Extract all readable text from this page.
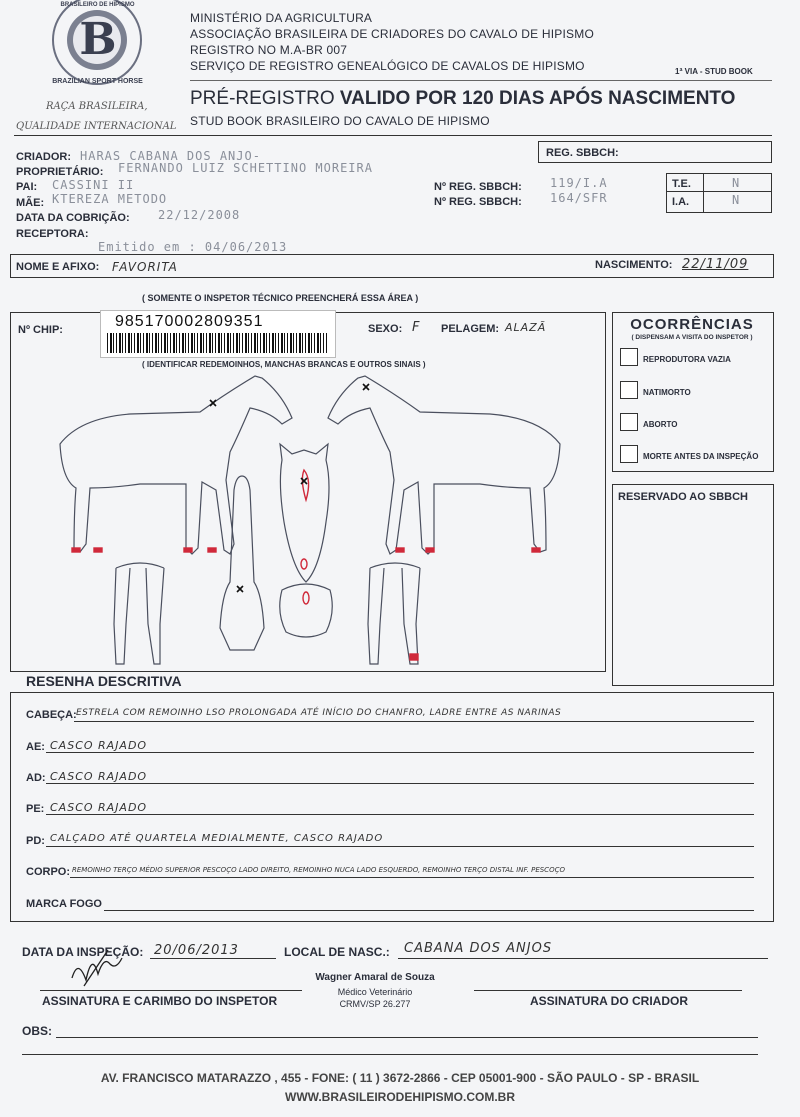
B
BRASILEIRO DE HIPISMO
BRAZILIAN SPORT HORSE
RAÇA BRASILEIRA,
QUALIDADE INTERNACIONAL
MINISTÉRIO DA AGRICULTURA
ASSOCIAÇÃO BRASILEIRA DE CRIADORES DO CAVALO DE HIPISMO
REGISTRO NO M.A-BR 007
SERVIÇO DE REGISTRO GENEALÓGICO DE CAVALOS DE HIPISMO	1ª VIA - STUD BOOK
PRÉ-REGISTRO VALIDO POR 120 DIAS APÓS NASCIMENTO
STUD BOOK BRASILEIRO DO CAVALO DE HIPISMO
REG. SBBCH:
CRIADOR: HARAS CABANA DOS ANJO-
PROPRIETÁRIO: FERNANDO LUIZ SCHETTINO MOREIRA
PAI: CASSINI II
MÃE: KTEREZA METODO
DATA DA COBRIÇÃO: 22/12/2008
RECEPTORA:
Emitido em : 04/06/2013
Nº REG. SBBCH: 119/I.A
Nº REG. SBBCH: 164/SFR
T.E.	N
I.A.	N
NOME E AFIXO: FAVORITA	NASCIMENTO: 22/11/09
( SOMENTE O INSPETOR TÉCNICO PREENCHERÁ ESSA ÁREA )
Nº CHIP:	985170002809351
( IDENTIFICAR REDEMOINHOS, MANCHAS BRANCAS E OUTROS SINAIS )
SEXO: F PELAGEM: ALAZÃ	OCORRÊNCIAS
( DISPENSAM A VISITA DO INSPETOR )
REPRODUTORA VAZIA
NATIMORTO
ABORTO
MORTE ANTES DA INSPEÇÃO
RESERVADO AO SBBCH
RESENHA DESCRITIVA
CABEÇA: ESTRELA COM REMOINHO LSO PROLONGADA ATÉ INÍCIO DO CHANFRO, LADRE ENTRE AS NARINAS
AE: CASCO RAJADO
AD: CASCO RAJADO
PE: CASCO RAJADO
PD: CALÇADO ATÉ QUARTELA MEDIALMENTE, CASCO RAJADO
CORPO: REMOINHO TERÇO MÉDIO SUPERIOR PESCOÇO LADO DIREITO, REMOINHO NUCA LADO ESQUERDO, REMOINHO TERÇO DISTAL INF. PESCOÇO
MARCA FOGO
DATA DA INSPEÇÃO: 20/06/2013	LOCAL DE NASC.: CABANA DOS ANJOS
ASSINATURA E CARIMBO DO INSPETOR
Wagner Amaral de Souza
Médico Veterinário
CRMV/SP 26.277	ASSINATURA DO CRIADOR
OBS:
AV. FRANCISCO MATARAZZO , 455 - FONE: ( 11 ) 3672-2866 - CEP 05001-900 - SÃO PAULO - SP - BRASIL
WWW.BRASILEIRODEHIPISMO.COM.BR
